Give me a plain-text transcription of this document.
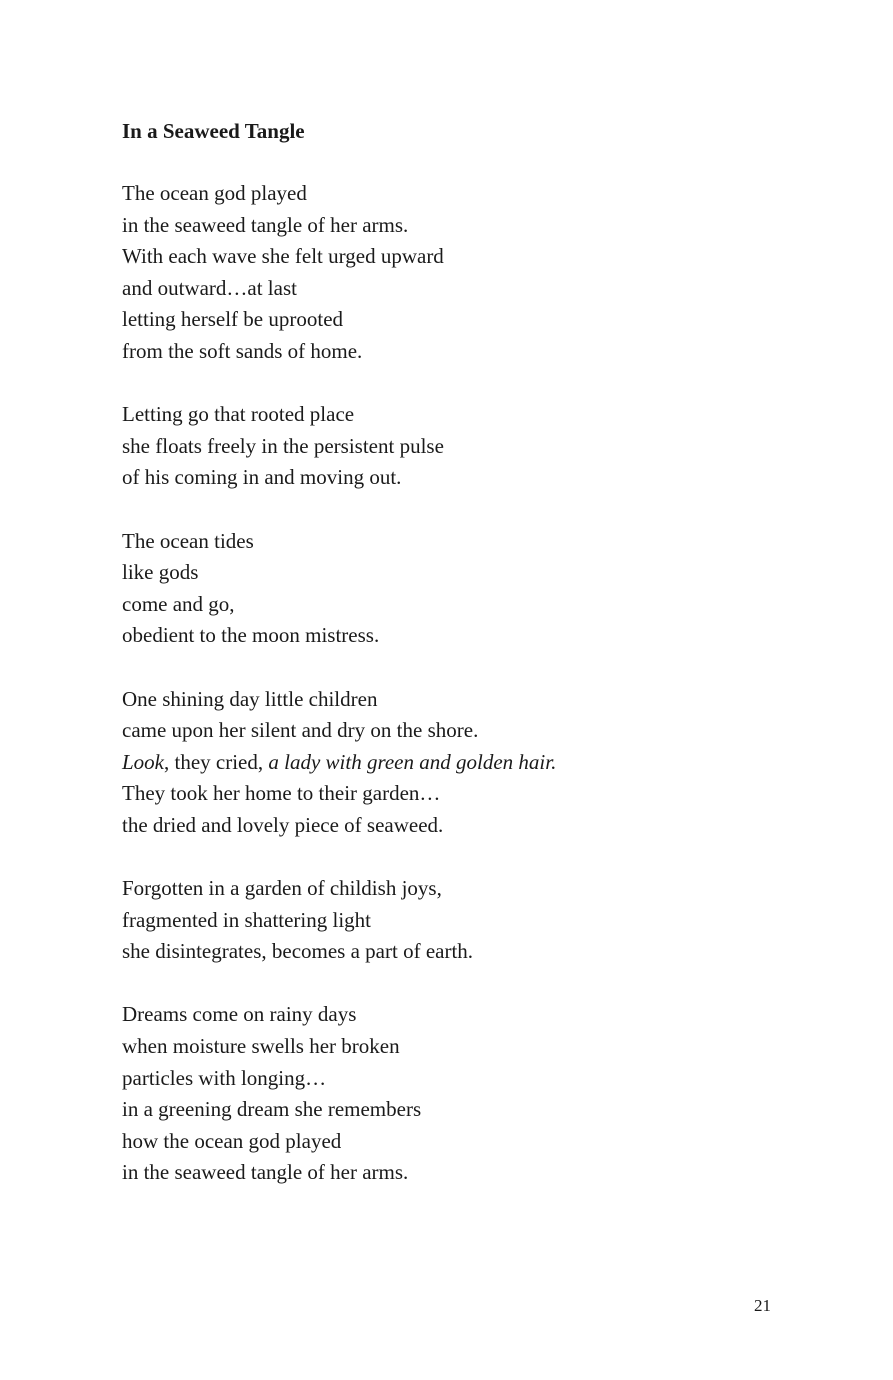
In a Seaweed Tangle
The ocean god played
in the seaweed tangle of her arms.
With each wave she felt urged upward
and outward…at last
letting herself be uprooted
from the soft sands of home.
Letting go that rooted place
she floats freely in the persistent pulse
of his coming in and moving out.
The ocean tides
like gods
come and go,
obedient to the moon mistress.
One shining day little children
came upon her silent and dry on the shore.
Look, they cried, a lady with green and golden hair.
They took her home to their garden…
the dried and lovely piece of seaweed.
Forgotten in a garden of childish joys,
fragmented in shattering light
she disintegrates, becomes a part of earth.
Dreams come on rainy days
when moisture swells her broken
particles with longing…
in a greening dream she remembers
how the ocean god played
in the seaweed tangle of her arms.
21
